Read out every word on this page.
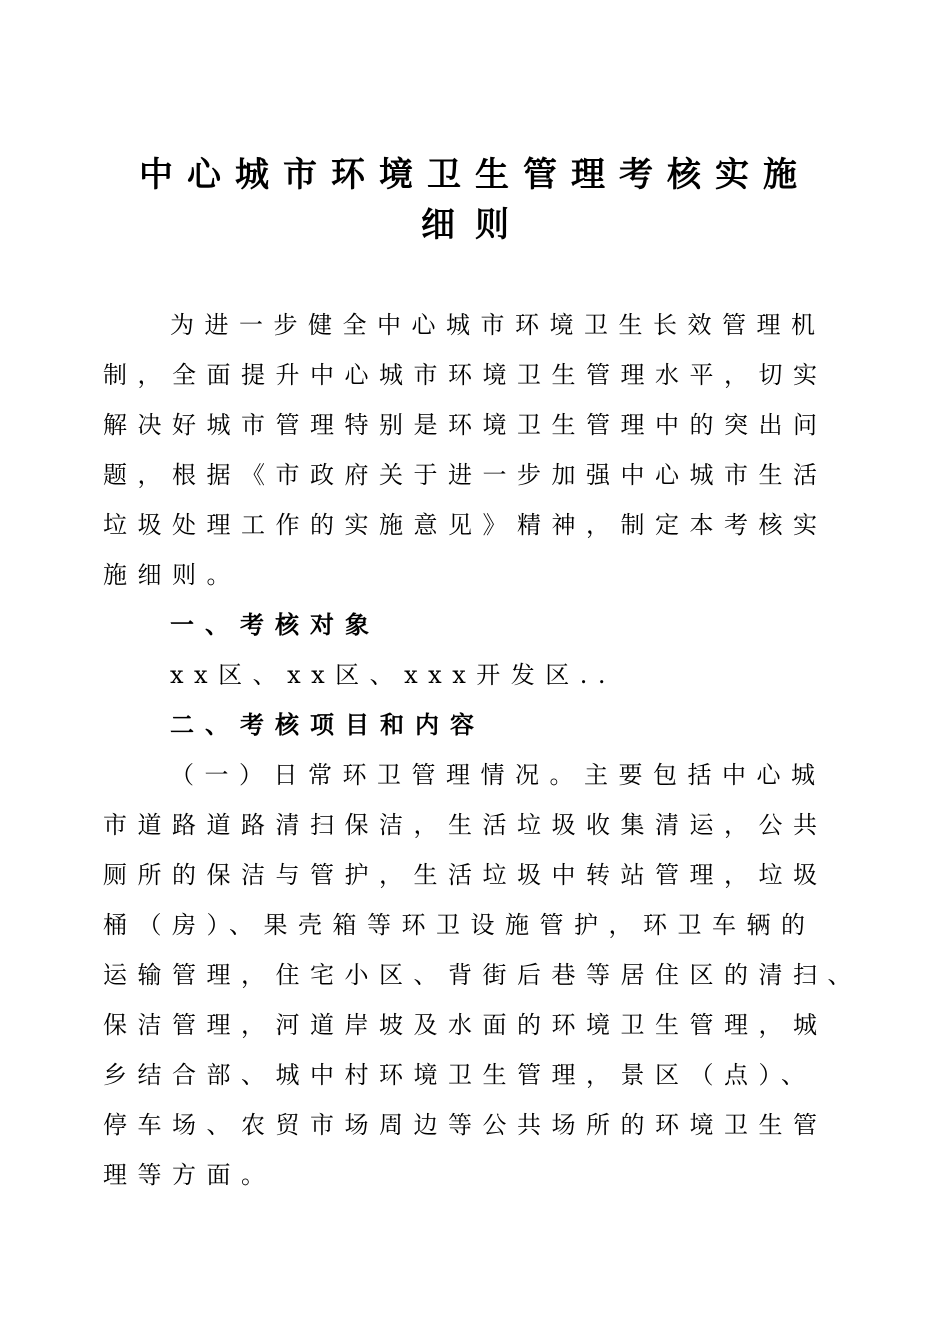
中心城市环境卫生管理考核实施
细则
为进一步健全中心城市环境卫生长效管理机
制，全面提升中心城市环境卫生管理水平，切实
解决好城市管理特别是环境卫生管理中的突出问
题，根据《市政府关于进一步加强中心城市生活
垃圾处理工作的实施意见》精神，制定本考核实
施细则。
一、考核对象
xx区、xx区、xxx开发区..
二、考核项目和内容
（一）日常环卫管理情况。主要包括中心城
市道路道路清扫保洁，生活垃圾收集清运，公共
厕所的保洁与管护，生活垃圾中转站管理，垃圾
桶（房）、果壳箱等环卫设施管护，环卫车辆的
运输管理，住宅小区、背街后巷等居住区的清扫、
保洁管理，河道岸坡及水面的环境卫生管理，城
乡结合部、城中村环境卫生管理，景区（点）、
停车场、农贸市场周边等公共场所的环境卫生管
理等方面。
